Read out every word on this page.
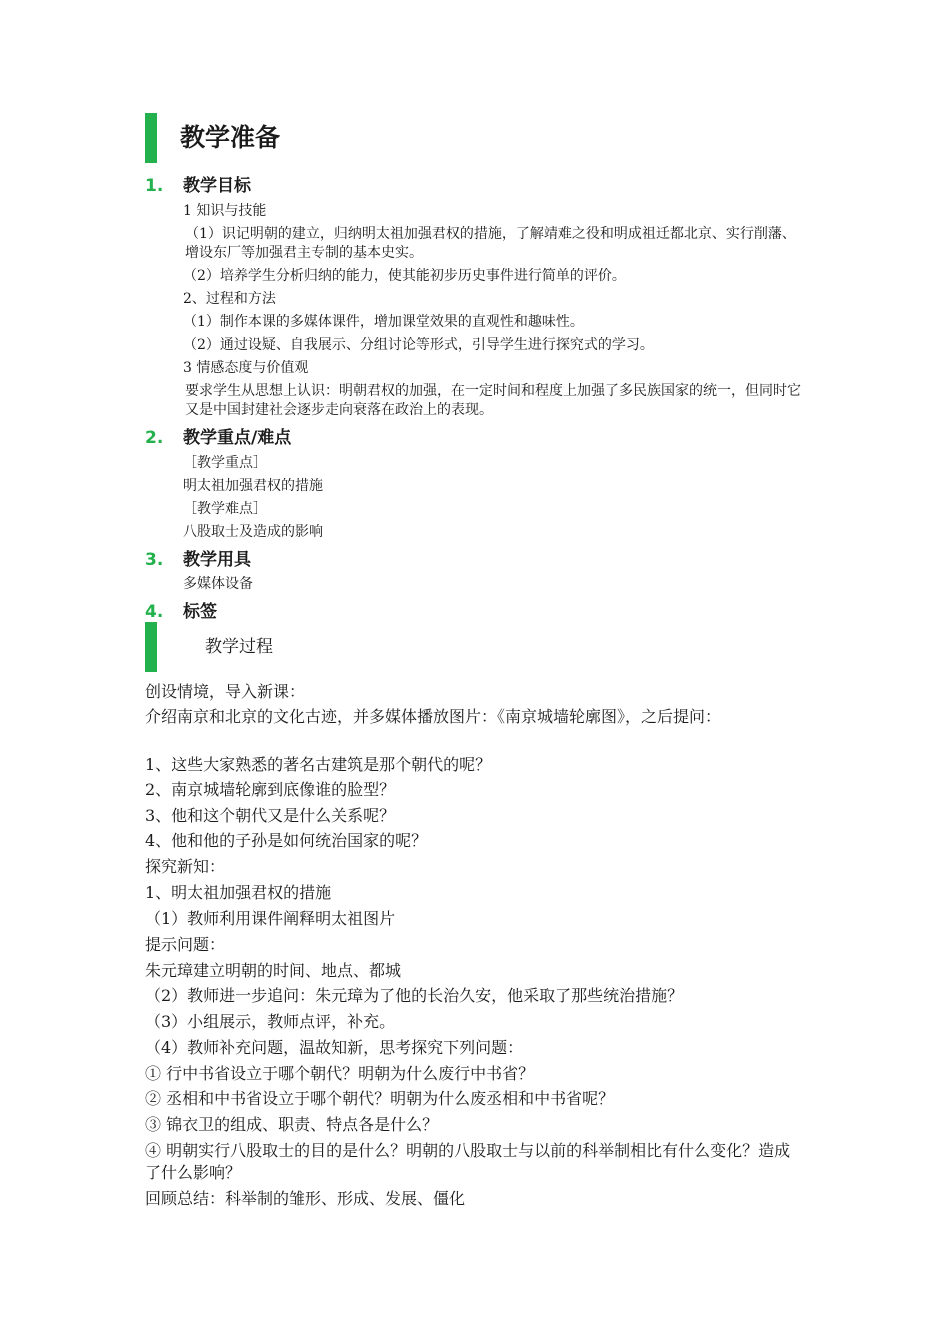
教学准备
1. 教学目标
1 知识与技能
（1）识记明朝的建立，归纳明太祖加强君权的措施，了解靖难之役和明成祖迁都北京、实行削藩、增设东厂等加强君主专制的基本史实。
（2）培养学生分析归纳的能力，使其能初步历史事件进行简单的评价。
2、过程和方法
（1）制作本课的多媒体课件，增加课堂效果的直观性和趣味性。
（2）通过设疑、自我展示、分组讨论等形式，引导学生进行探究式的学习。
3 情感态度与价值观
要求学生从思想上认识：明朝君权的加强，在一定时间和程度上加强了多民族国家的统一，但同时它又是中国封建社会逐步走向衰落在政治上的表现。
2. 教学重点/难点
［教学重点］
明太祖加强君权的措施
［教学难点］
八股取士及造成的影响
3. 教学用具
多媒体设备
4. 标签
教学过程
创设情境，导入新课：
介绍南京和北京的文化古迹，并多媒体播放图片：《南京城墙轮廓图》，之后提问：
1、这些大家熟悉的著名古建筑是那个朝代的呢？
2、南京城墙轮廓到底像谁的脸型？
3、他和这个朝代又是什么关系呢？
4、他和他的子孙是如何统治国家的呢？
探究新知：
1、明太祖加强君权的措施
（1）教师利用课件阐释明太祖图片
提示问题：
朱元璋建立明朝的时间、地点、都城
（2）教师进一步追问：朱元璋为了他的长治久安，他采取了那些统治措施？
（3）小组展示，教师点评，补充。
（4）教师补充问题，温故知新，思考探究下列问题：
① 行中书省设立于哪个朝代？明朝为什么废行中书省？
② 丞相和中书省设立于哪个朝代？明朝为什么废丞相和中书省呢？
③ 锦衣卫的组成、职责、特点各是什么？
④ 明朝实行八股取士的目的是什么？明朝的八股取士与以前的科举制相比有什么变化？造成了什么影响？
回顾总结：科举制的雏形、形成、发展、僵化
